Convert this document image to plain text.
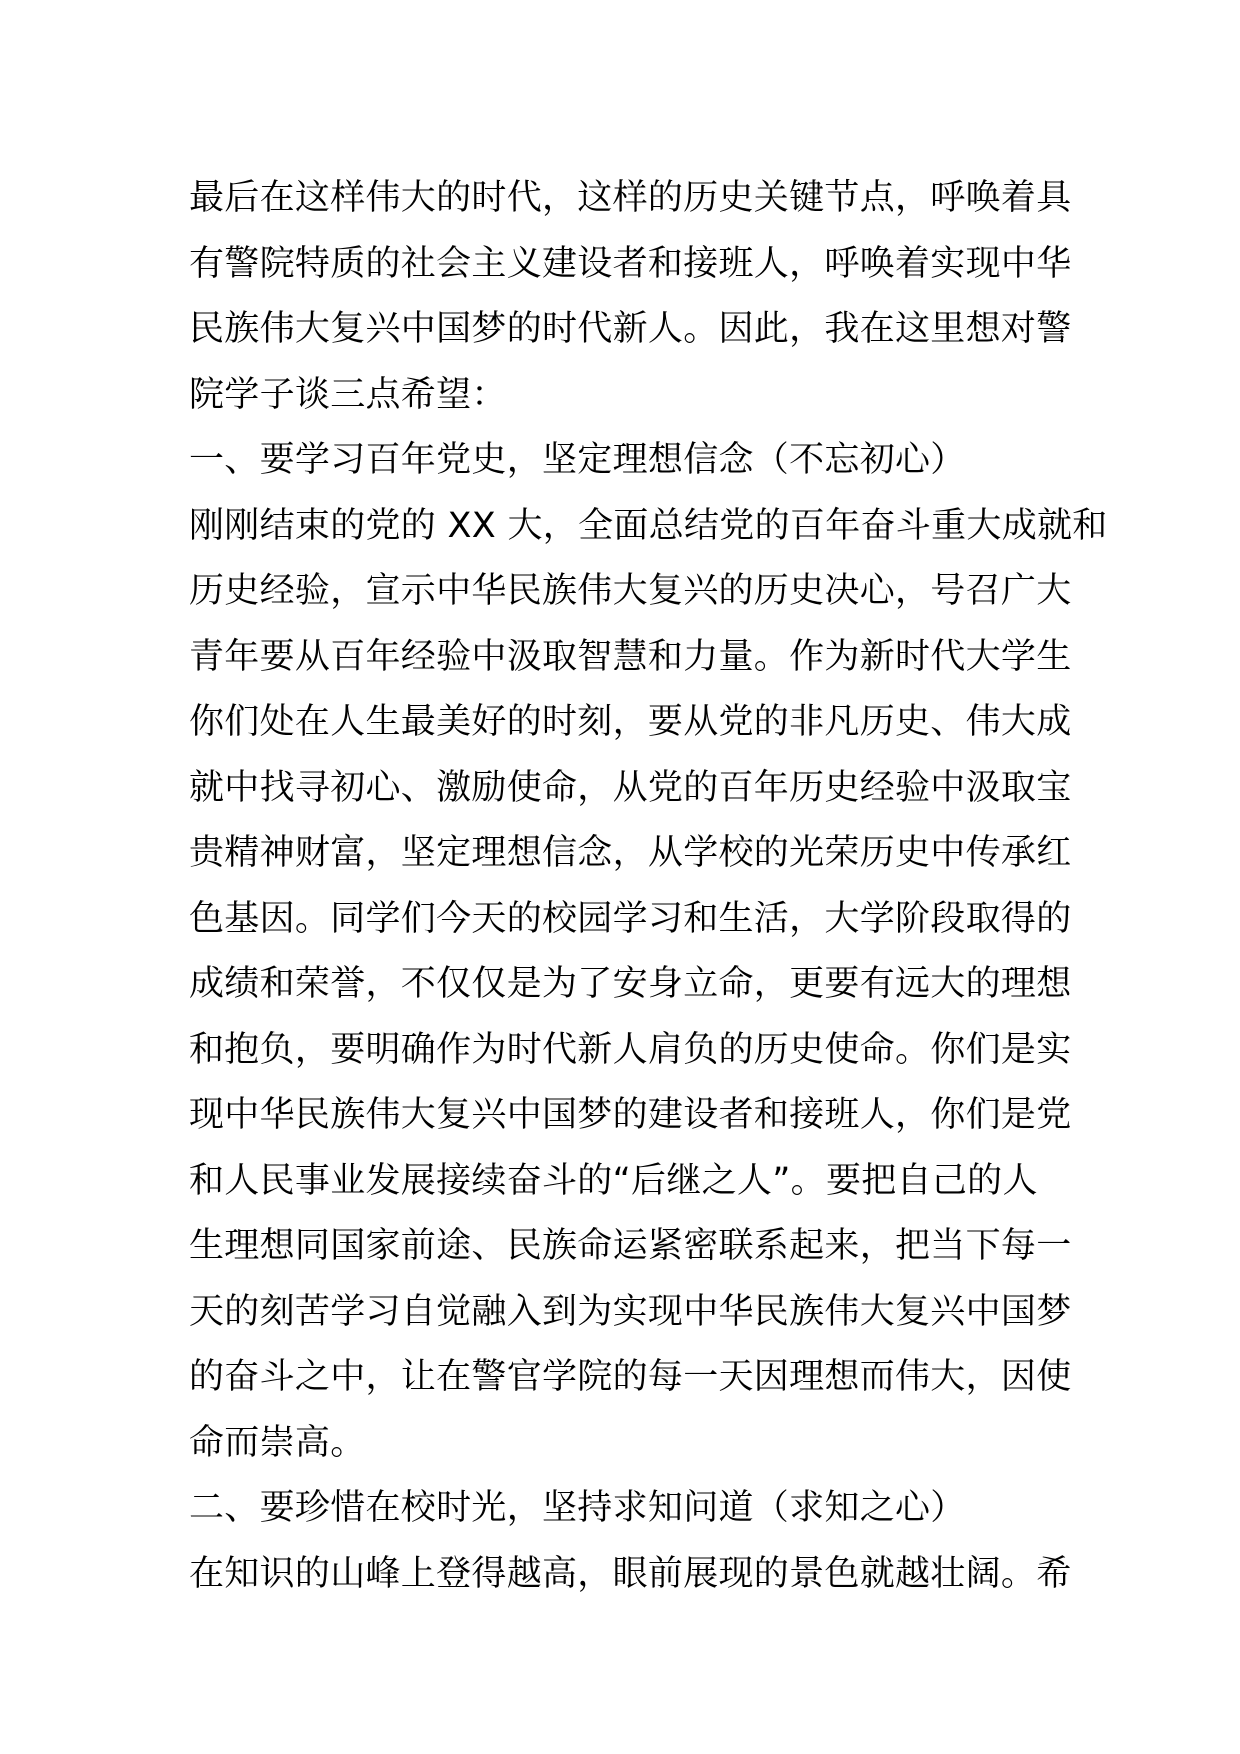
最后在这样伟大的时代，这样的历史关键节点，呼唤着具
有警院特质的社会主义建设者和接班人，呼唤着实现中华
民族伟大复兴中国梦的时代新人。因此，我在这里想对警
院学子谈三点希望：
一、要学习百年党史，坚定理想信念（不忘初心）
刚刚结束的党的 XX 大，全面总结党的百年奋斗重大成就和
历史经验，宣示中华民族伟大复兴的历史决心，号召广大
青年要从百年经验中汲取智慧和力量。作为新时代大学生
你们处在人生最美好的时刻，要从党的非凡历史、伟大成
就中找寻初心、激励使命，从党的百年历史经验中汲取宝
贵精神财富，坚定理想信念，从学校的光荣历史中传承红
色基因。同学们今天的校园学习和生活，大学阶段取得的
成绩和荣誉，不仅仅是为了安身立命，更要有远大的理想
和抱负，要明确作为时代新人肩负的历史使命。你们是实
现中华民族伟大复兴中国梦的建设者和接班人，你们是党
和人民事业发展接续奋斗的“后继之人”。要把自己的人
生理想同国家前途、民族命运紧密联系起来，把当下每一
天的刻苦学习自觉融入到为实现中华民族伟大复兴中国梦
的奋斗之中，让在警官学院的每一天因理想而伟大，因使
命而崇高。
二、要珍惜在校时光，坚持求知问道（求知之心）
在知识的山峰上登得越高，眼前展现的景色就越壮阔。希
